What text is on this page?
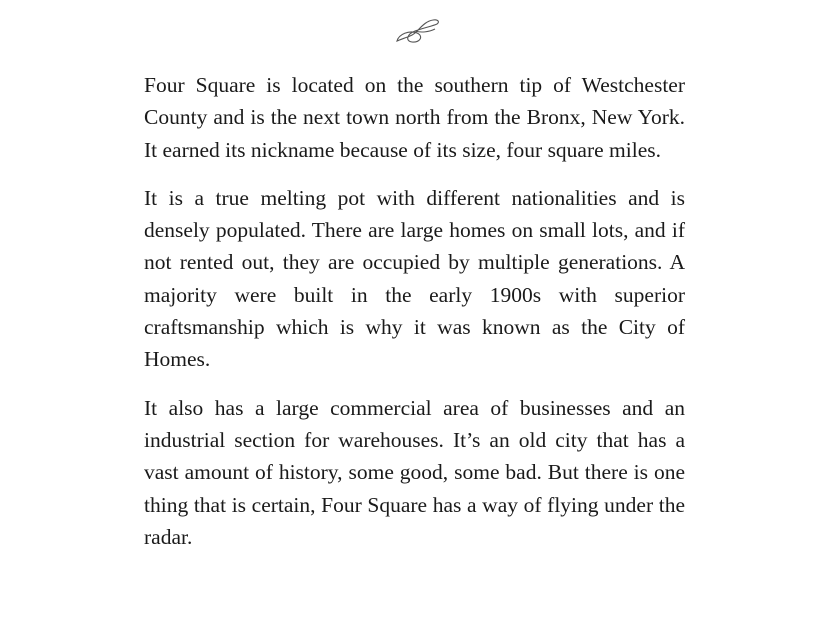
Four Square is located on the southern tip of Westchester County and is the next town north from the Bronx, New York. It earned its nickname because of its size, four square miles.

It is a true melting pot with different nationalities and is densely populated. There are large homes on small lots, and if not rented out, they are occupied by multiple generations. A majority were built in the early 1900s with superior craftsmanship which is why it was known as the City of Homes.

It also has a large commercial area of businesses and an industrial section for warehouses. It’s an old city that has a vast amount of history, some good, some bad. But there is one thing that is certain, Four Square has a way of flying under the radar.
